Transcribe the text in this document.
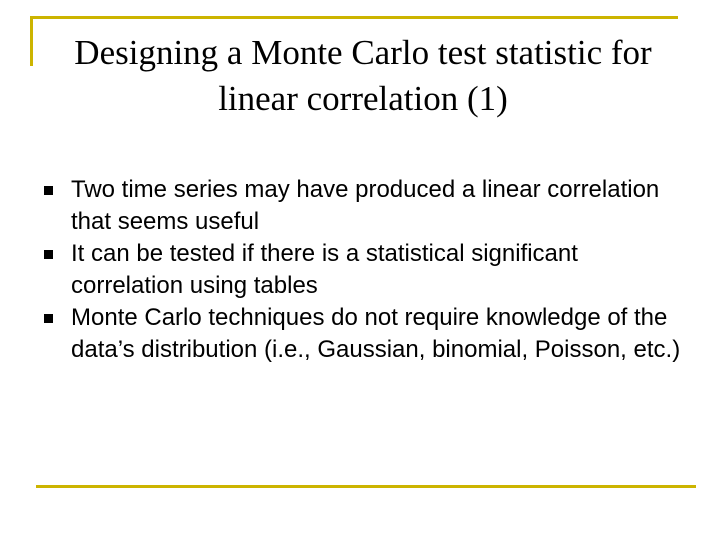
Designing a Monte Carlo test statistic for linear correlation (1)
Two time series may have produced a linear correlation that seems useful
It can be tested if there is a statistical significant correlation using tables
Monte Carlo techniques do not require knowledge of the data’s distribution (i.e., Gaussian, binomial, Poisson, etc.)
